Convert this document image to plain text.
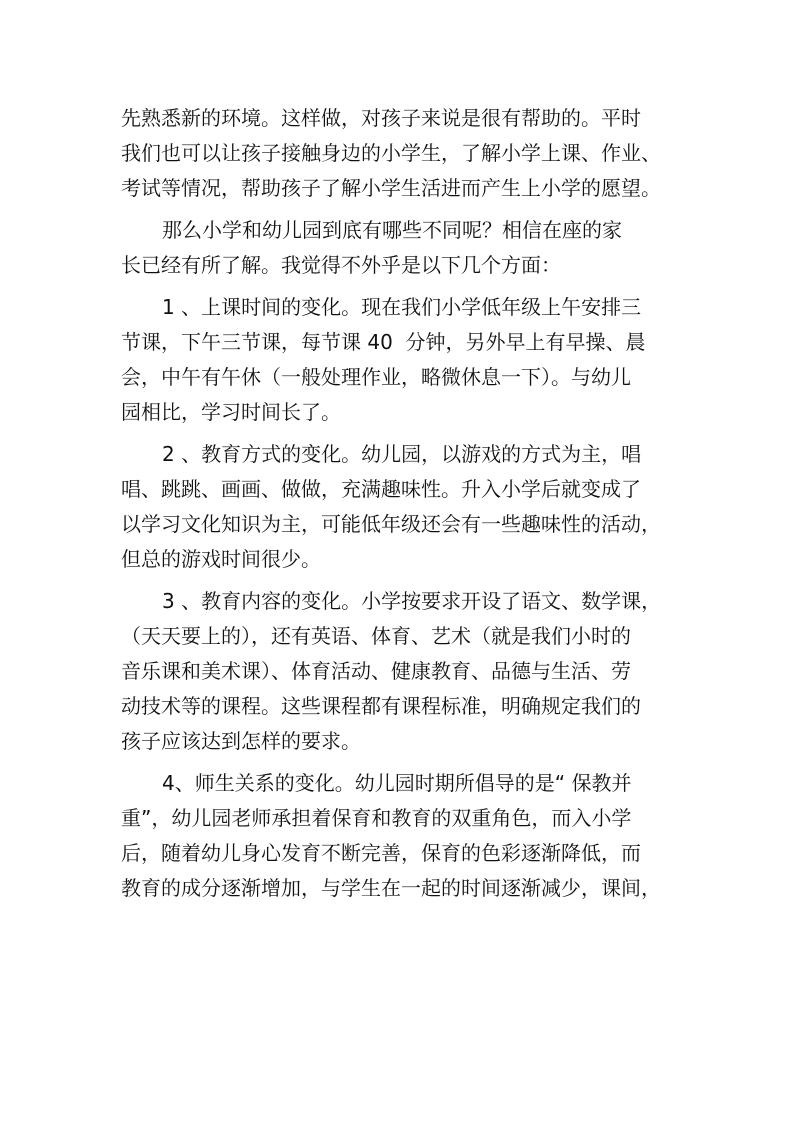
先熟悉新的环境。这样做，对孩子来说是很有帮助的。平时
我们也可以让孩子接触身边的小学生，了解小学上课、作业、
考试等情况，帮助孩子了解小学生活进而产生上小学的愿望。
那么小学和幼儿园到底有哪些不同呢？相信在座的家
长已经有所了解。我觉得不外乎是以下几个方面：
1 、上课时间的变化。现在我们小学低年级上午安排三
节课，下午三节课，每节课 40  分钟，另外早上有早操、晨
会，中午有午休（一般处理作业，略微休息一下）。与幼儿
园相比，学习时间长了。
2 、教育方式的变化。幼儿园，以游戏的方式为主，唱
唱、跳跳、画画、做做，充满趣味性。升入小学后就变成了
以学习文化知识为主，可能低年级还会有一些趣味性的活动，
但总的游戏时间很少。
3 、教育内容的变化。小学按要求开设了语文、数学课，
（天天要上的），还有英语、体育、艺术（就是我们小时的
音乐课和美术课）、体育活动、健康教育、品德与生活、劳
动技术等的课程。这些课程都有课程标准，明确规定我们的
孩子应该达到怎样的要求。
4、师生关系的变化。幼儿园时期所倡导的是“ 保教并
重”，幼儿园老师承担着保育和教育的双重角色，而入小学
后，随着幼儿身心发育不断完善，保育的色彩逐渐降低，而
教育的成分逐渐增加，与学生在一起的时间逐渐减少，课间，
